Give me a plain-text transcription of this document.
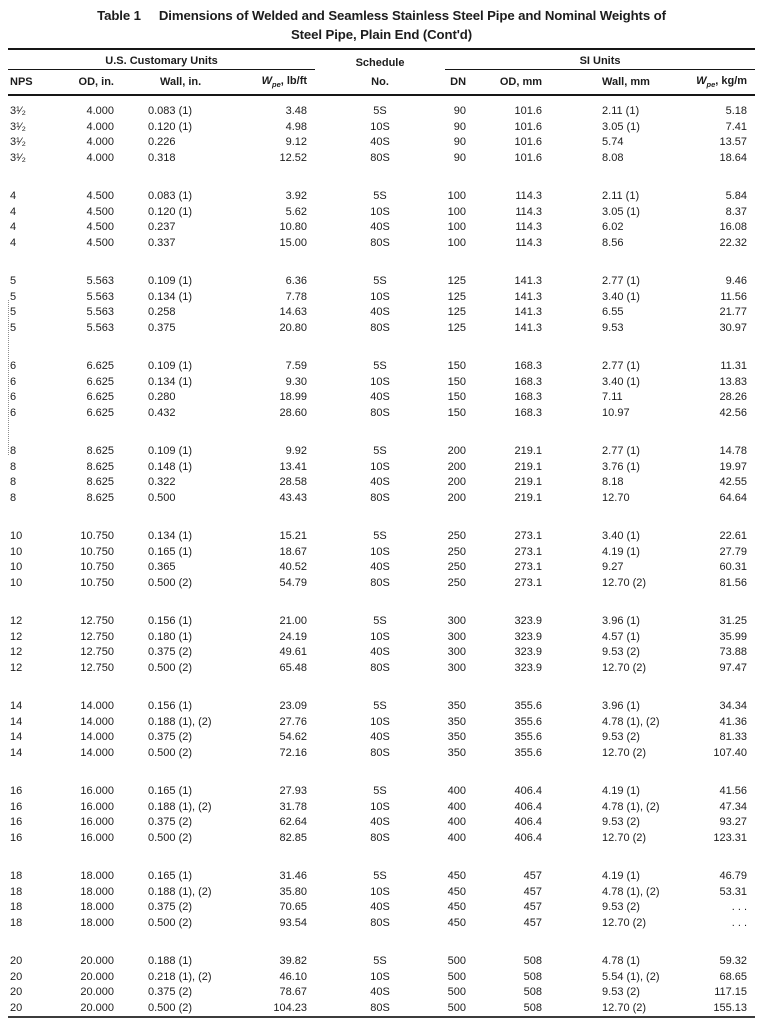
Table 1 Dimensions of Welded and Seamless Stainless Steel Pipe and Nominal Weights of
Steel Pipe, Plain End (Cont'd)
U.S. Customary Units				Schedule	SI Units			

NPS	OD, in.	Wall, in.	$W_{pe}$, lb/ft	No.	DN	OD, mm	Wall, mm	$W_{pe}$, kg/m

3¹⁄₂	4.000	0.083 (1)	3.48	5S	90	101.6	2.11 (1)	5.18
3¹⁄₂	4.000	0.120 (1)	4.98	10S	90	101.6	3.05 (1)	7.41
3¹⁄₂	4.000	0.226	9.12	40S	90	101.6	5.74	13.57
3¹⁄₂	4.000	0.318	12.52	80S	90	101.6	8.08	18.64

4	4.500	0.083 (1)	3.92	5S	100	114.3	2.11 (1)	5.84
4	4.500	0.120 (1)	5.62	10S	100	114.3	3.05 (1)	8.37
4	4.500	0.237	10.80	40S	100	114.3	6.02	16.08
4	4.500	0.337	15.00	80S	100	114.3	8.56	22.32

5	5.563	0.109 (1)	6.36	5S	125	141.3	2.77 (1)	9.46
5	5.563	0.134 (1)	7.78	10S	125	141.3	3.40 (1)	11.56
5	5.563	0.258	14.63	40S	125	141.3	6.55	21.77
5	5.563	0.375	20.80	80S	125	141.3	9.53	30.97

6	6.625	0.109 (1)	7.59	5S	150	168.3	2.77 (1)	11.31
6	6.625	0.134 (1)	9.30	10S	150	168.3	3.40 (1)	13.83
6	6.625	0.280	18.99	40S	150	168.3	7.11	28.26
6	6.625	0.432	28.60	80S	150	168.3	10.97	42.56

8	8.625	0.109 (1)	9.92	5S	200	219.1	2.77 (1)	14.78
8	8.625	0.148 (1)	13.41	10S	200	219.1	3.76 (1)	19.97
8	8.625	0.322	28.58	40S	200	219.1	8.18	42.55
8	8.625	0.500	43.43	80S	200	219.1	12.70	64.64

10	10.750	0.134 (1)	15.21	5S	250	273.1	3.40 (1)	22.61
10	10.750	0.165 (1)	18.67	10S	250	273.1	4.19 (1)	27.79
10	10.750	0.365	40.52	40S	250	273.1	9.27	60.31
10	10.750	0.500 (2)	54.79	80S	250	273.1	12.70 (2)	81.56

12	12.750	0.156 (1)	21.00	5S	300	323.9	3.96 (1)	31.25
12	12.750	0.180 (1)	24.19	10S	300	323.9	4.57 (1)	35.99
12	12.750	0.375 (2)	49.61	40S	300	323.9	9.53 (2)	73.88
12	12.750	0.500 (2)	65.48	80S	300	323.9	12.70 (2)	97.47

14	14.000	0.156 (1)	23.09	5S	350	355.6	3.96 (1)	34.34
14	14.000	0.188 (1), (2)	27.76	10S	350	355.6	4.78 (1), (2)	41.36
14	14.000	0.375 (2)	54.62	40S	350	355.6	9.53 (2)	81.33
14	14.000	0.500 (2)	72.16	80S	350	355.6	12.70 (2)	107.40

16	16.000	0.165 (1)	27.93	5S	400	406.4	4.19 (1)	41.56
16	16.000	0.188 (1), (2)	31.78	10S	400	406.4	4.78 (1), (2)	47.34
16	16.000	0.375 (2)	62.64	40S	400	406.4	9.53 (2)	93.27
16	16.000	0.500 (2)	82.85	80S	400	406.4	12.70 (2)	123.31

18	18.000	0.165 (1)	31.46	5S	450	457	4.19 (1)	46.79
18	18.000	0.188 (1), (2)	35.80	10S	450	457	4.78 (1), (2)	53.31
18	18.000	0.375 (2)	70.65	40S	450	457	9.53 (2)	. . .
18	18.000	0.500 (2)	93.54	80S	450	457	12.70 (2)	. . .

20	20.000	0.188 (1)	39.82	5S	500	508	4.78 (1)	59.32
20	20.000	0.218 (1), (2)	46.10	10S	500	508	5.54 (1), (2)	68.65
20	20.000	0.375 (2)	78.67	40S	500	508	9.53 (2)	117.15
20	20.000	0.500 (2)	104.23	80S	500	508	12.70 (2)	155.13
